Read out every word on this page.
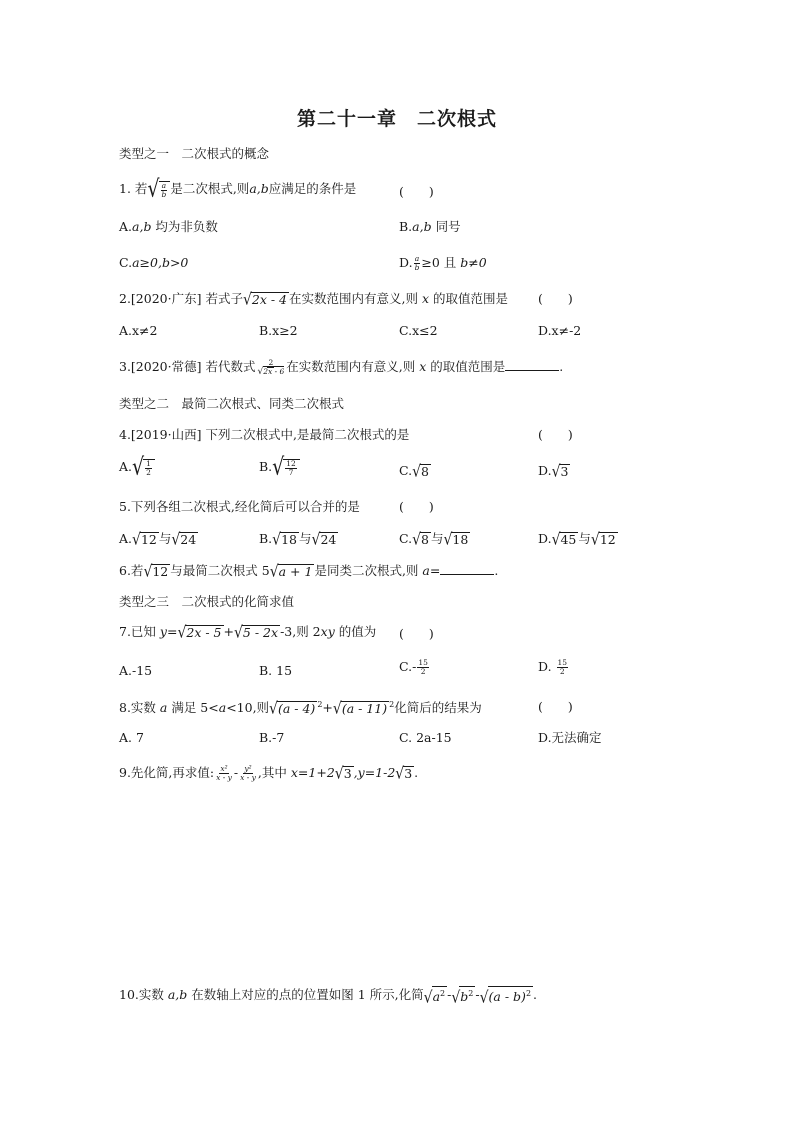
第二十一章　二次根式
类型之一　二次根式的概念
1. 若 √ $\frac{a}{b}$ 是二次根式,则a,b应满足的条件是	(　　)
A.a,b 均为非负数	B.a,b 同号
C.a≥0,b>0	D. $\frac{a}{b} \ge 0$ 且 b≠0
2.[2020·广东] 若式子 √ 2x - 4 在实数范围内有意义,则 x 的取值范围是 (　　)
A.x≠2	B.x≥2	C.x≤2	D.x≠-2
3.[2020·常德] 若代数式 $\frac{2}{√2x - 6}$ 在实数范围内有意义,则 x 的取值范围是	.
类型之二　最简二次根式、同类二次根式
4.[2019·山西] 下列二次根式中,是最简二次根式的是	(　　)
A. √ $\frac{1}{2}$	B. √ $\frac{12}{7}$	C. √ 8	D. √ 3
5.下列各组二次根式,经化简后可以合并的是	(　　)
A. √ 12 与 √ 24	B. √ 18 与 √ 24	C. √ 8 与 √ 18	D. √ 45 与 √ 12
6.若 √ 12 与最简二次根式 5 √ a + 1 是同类二次根式,则 a=	.
类型之三　二次根式的化简求值
7.已知 y= √ 2x - 5 + √ 5 - 2x -3,则 2xy 的值为 (　　)
A.-15	B. 15	$C.- \frac{15}{2}$	D. $\frac{15}{2}$
8.实数 a 满足 5<a<10,则 √ (a - 4) $^2$+ √ (a - 11) $^2$化简后的结果为	(　　)
A. 7	B.-7	C. 2a-15	D.无法确定
9.先化简,再求值: $\frac{\text{x²}}{x - y} - \frac{\text{y²}}{x - y}$ ,其中 x=1+2 √ 3 ,y=1-2 √ 3 .
10.实数 a,b 在数轴上对应的点的位置如图 1 所示,化简 √ $a^2$ - √ $b^2$ - √ (a - b)$^2$ .
